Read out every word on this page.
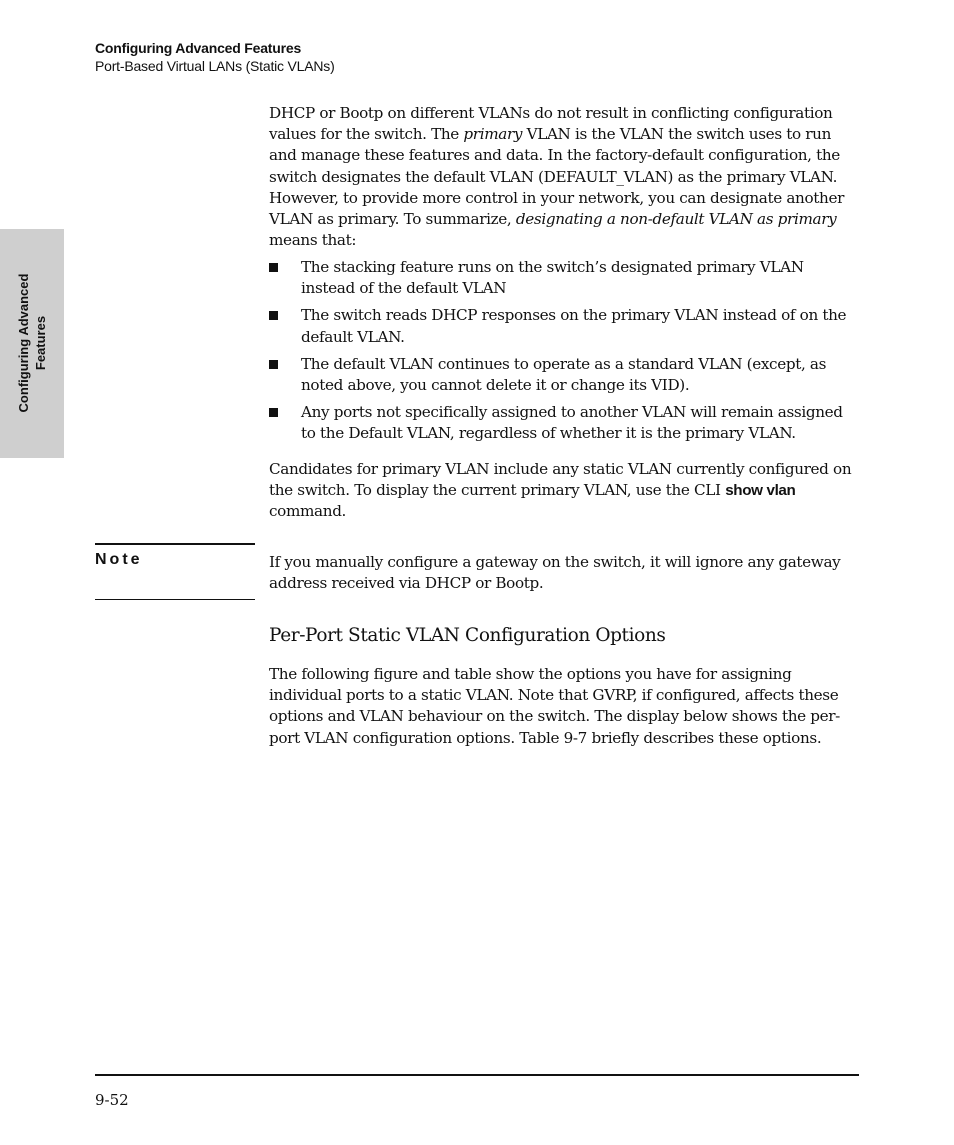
Configuring Advanced Features
Port-Based Virtual LANs (Static VLANs)
Configuring Advanced Features

DHCP or Bootp on different VLANs do not result in conflicting configuration values for the switch. The primary VLAN is the VLAN the switch uses to run and manage these features and data. In the factory-default configuration, the switch designates the default VLAN (DEFAULT_VLAN) as the primary VLAN. However, to provide more control in your network, you can designate another VLAN as primary. To summarize, designating a non-default VLAN as primary means that:

The stacking feature runs on the switch’s designated primary VLAN instead of the default VLAN
The switch reads DHCP responses on the primary VLAN instead of on the default VLAN.
The default VLAN continues to operate as a standard VLAN (except, as noted above, you cannot delete it or change its VID).
Any ports not specifically assigned to another VLAN will remain assigned to the Default VLAN, regardless of whether it is the primary VLAN.

Candidates for primary VLAN include any static VLAN currently configured on the switch. To display the current primary VLAN, use the CLI show vlan command.

Note	If you manually configure a gateway on the switch, it will ignore any gateway address received via DHCP or Bootp.

Per-Port Static VLAN Configuration Options

The following figure and table show the options you have for assigning individual ports to a static VLAN. Note that GVRP, if configured, affects these options and VLAN behaviour on the switch. The display below shows the per-port VLAN configuration options. Table 9-7 briefly describes these options.

9-52
